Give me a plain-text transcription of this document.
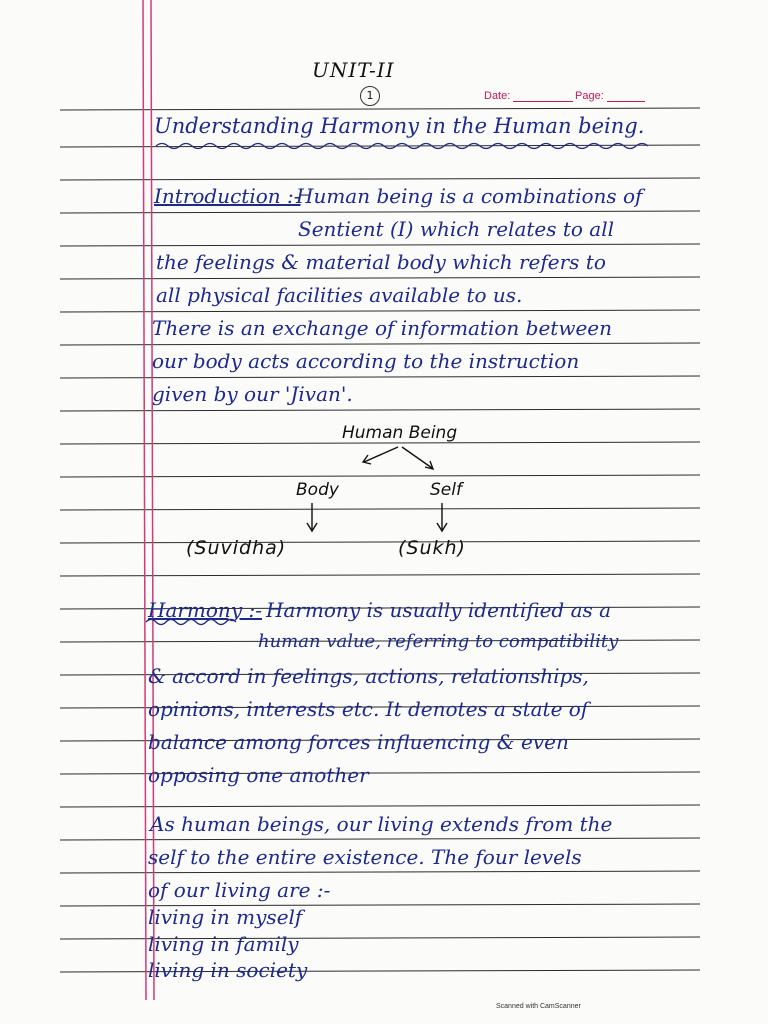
UNIT-II
1	Date:	Page:
Understanding Harmony in the Human being.
Introduction :-
Human being is a combinations of
Sentient (I) which relates to all
the feelings & material body which refers to
all physical facilities available to us.
There is an exchange of information between
our body acts according to the instruction
given by our 'Jivan'.
Human Being
Body	Self
(Suvidha)	(Sukh)
Harmony :- Harmony is usually identified as a
human value, referring to compatibility
& accord in feelings, actions, relationships,
opinions, interests etc. It denotes a state of
balance among forces influencing & even
opposing one another
As human beings, our living extends from the
self to the entire existence. The four levels
of our living are :-
living in myself
living in family
living in society
Scanned with CamScanner
